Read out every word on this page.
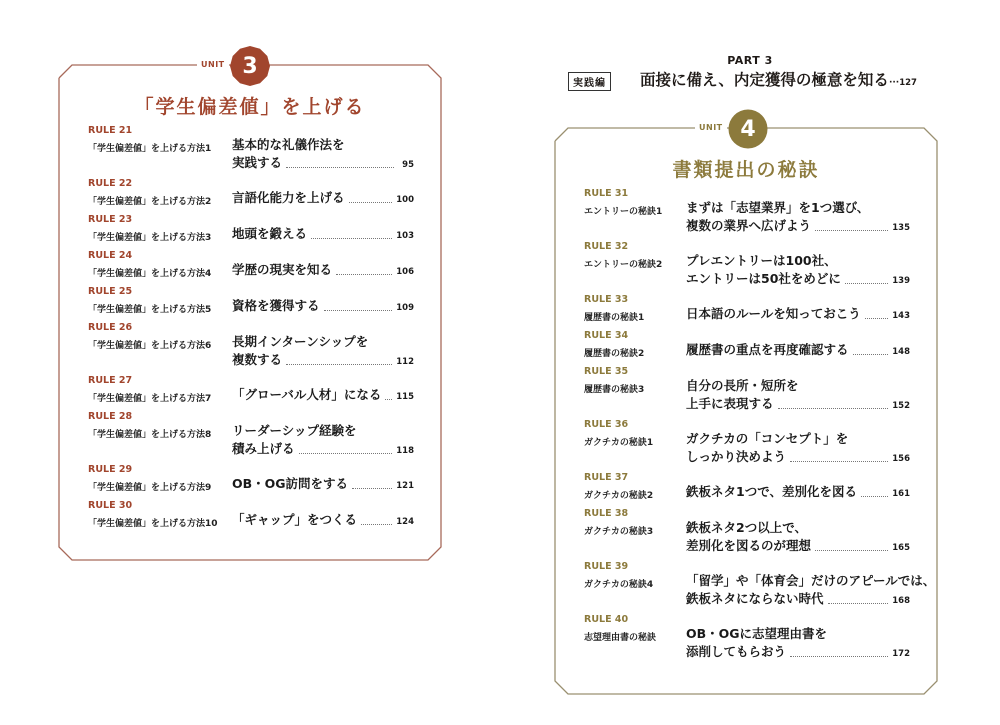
UNIT 3
「学生偏差値」を上げる
RULE 21
「学生偏差値」を上げる方法1 基本的な礼儀作法を
実践する	95
RULE 22
「学生偏差値」を上げる方法2 言語化能力を上げる	100
RULE 23
「学生偏差値」を上げる方法3 地頭を鍛える	103
RULE 24
「学生偏差値」を上げる方法4 学歴の現実を知る	106
RULE 25
「学生偏差値」を上げる方法5 資格を獲得する	109
RULE 26
「学生偏差値」を上げる方法6 長期インターンシップを
複数する	112
RULE 27
「学生偏差値」を上げる方法7 「グローバル人材」になる 115
RULE 28
「学生偏差値」を上げる方法8 リーダーシップ経験を
積み上げる	118
RULE 29
「学生偏差値」を上げる方法9 OB・OG訪問をする	121
RULE 30
「学生偏差値」を上げる方法10 「ギャップ」をつくる	124
PART 3
実践編	面接に備え、内定獲得の極意を知る···127
UNIT 4
書類提出の秘訣
RULE 31
エントリーの秘訣1 まずは「志望業界」を1つ選び、
複数の業界へ広げよう	135
RULE 32
エントリーの秘訣2 プレエントリーは100社、
エントリーは50社をめどに	139
RULE 33
履歴書の秘訣1	日本語のルールを知っておこう	143
RULE 34
履歴書の秘訣2	履歴書の重点を再度確認する	148
RULE 35
履歴書の秘訣3	自分の長所・短所を
上手に表現する	152
RULE 36
ガクチカの秘訣1	ガクチカの「コンセプト」を
しっかり決めよう	156
RULE 37
ガクチカの秘訣2	鉄板ネタ1つで、差別化を図る	161
RULE 38
ガクチカの秘訣3	鉄板ネタ2つ以上で、
差別化を図るのが理想	165
RULE 39
ガクチカの秘訣4	「留学」や「体育会」だけのアピールでは、
鉄板ネタにならない時代	168
RULE 40
志望理由書の秘訣 OB・OGに志望理由書を
添削してもらおう	172
